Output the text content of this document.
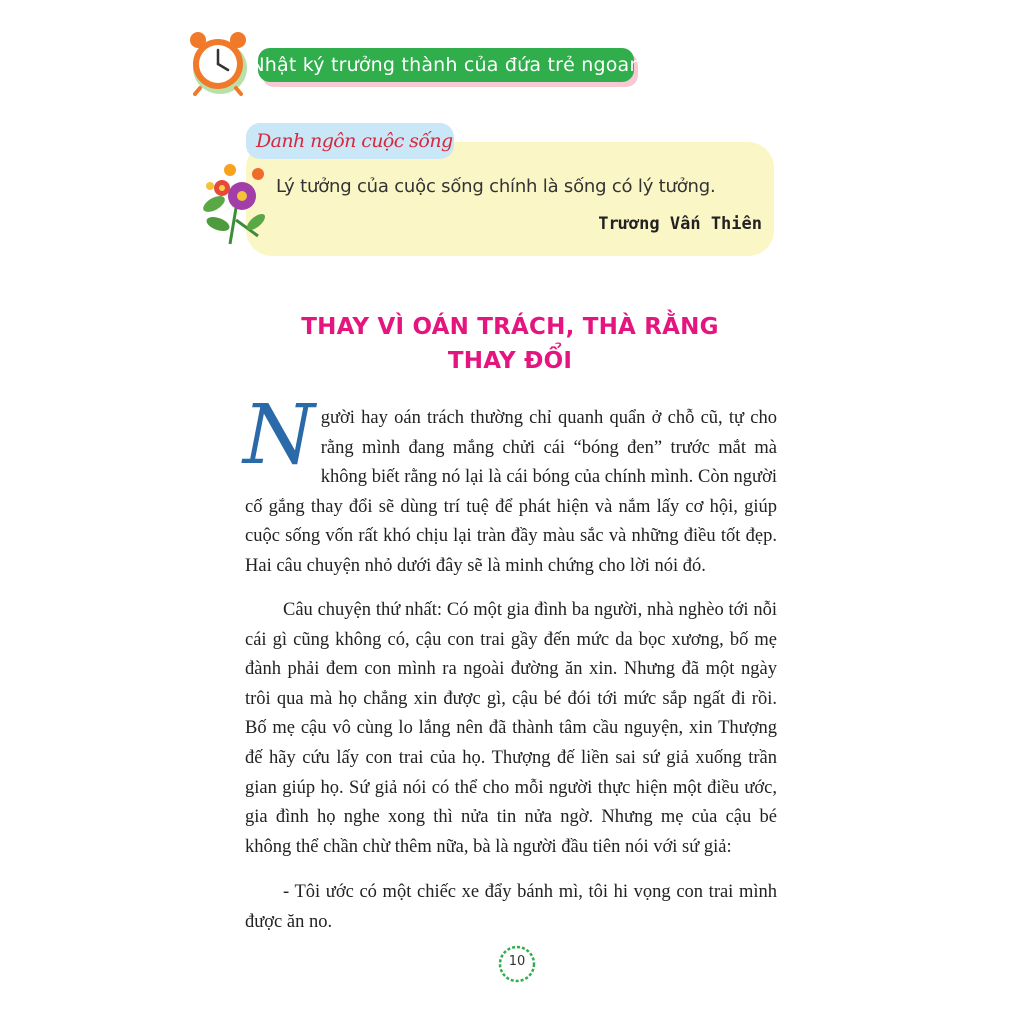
Nhật ký trưởng thành của đứa trẻ ngoan
Danh ngôn cuộc sống
Lý tưởng của cuộc sống chính là sống có lý tưởng.
Trương Vấn Thiên
THAY VÌ OÁN TRÁCH, THÀ RẰNG
THAY ĐỔI
Người hay oán trách thường chỉ quanh quẩn ở chỗ cũ, tự cho rằng mình đang mắng chửi cái “bóng đen” trước mắt mà không biết rằng nó lại là cái bóng của chính mình. Còn người cố gắng thay đổi sẽ dùng trí tuệ để phát hiện và nắm lấy cơ hội, giúp cuộc sống vốn rất khó chịu lại tràn đầy màu sắc và những điều tốt đẹp. Hai câu chuyện nhỏ dưới đây sẽ là minh chứng cho lời nói đó.
Câu chuyện thứ nhất: Có một gia đình ba người, nhà nghèo tới nỗi cái gì cũng không có, cậu con trai gầy đến mức da bọc xương, bố mẹ đành phải đem con mình ra ngoài đường ăn xin. Nhưng đã một ngày trôi qua mà họ chẳng xin được gì, cậu bé đói tới mức sắp ngất đi rồi. Bố mẹ cậu vô cùng lo lắng nên đã thành tâm cầu nguyện, xin Thượng đế hãy cứu lấy con trai của họ. Thượng đế liền sai sứ giả xuống trần gian giúp họ. Sứ giả nói có thể cho mỗi người thực hiện một điều ước, gia đình họ nghe xong thì nửa tin nửa ngờ. Nhưng mẹ của cậu bé không thể chần chừ thêm nữa, bà là người đầu tiên nói với sứ giả:
- Tôi ước có một chiếc xe đẩy bánh mì, tôi hi vọng con trai mình được ăn no.
10
